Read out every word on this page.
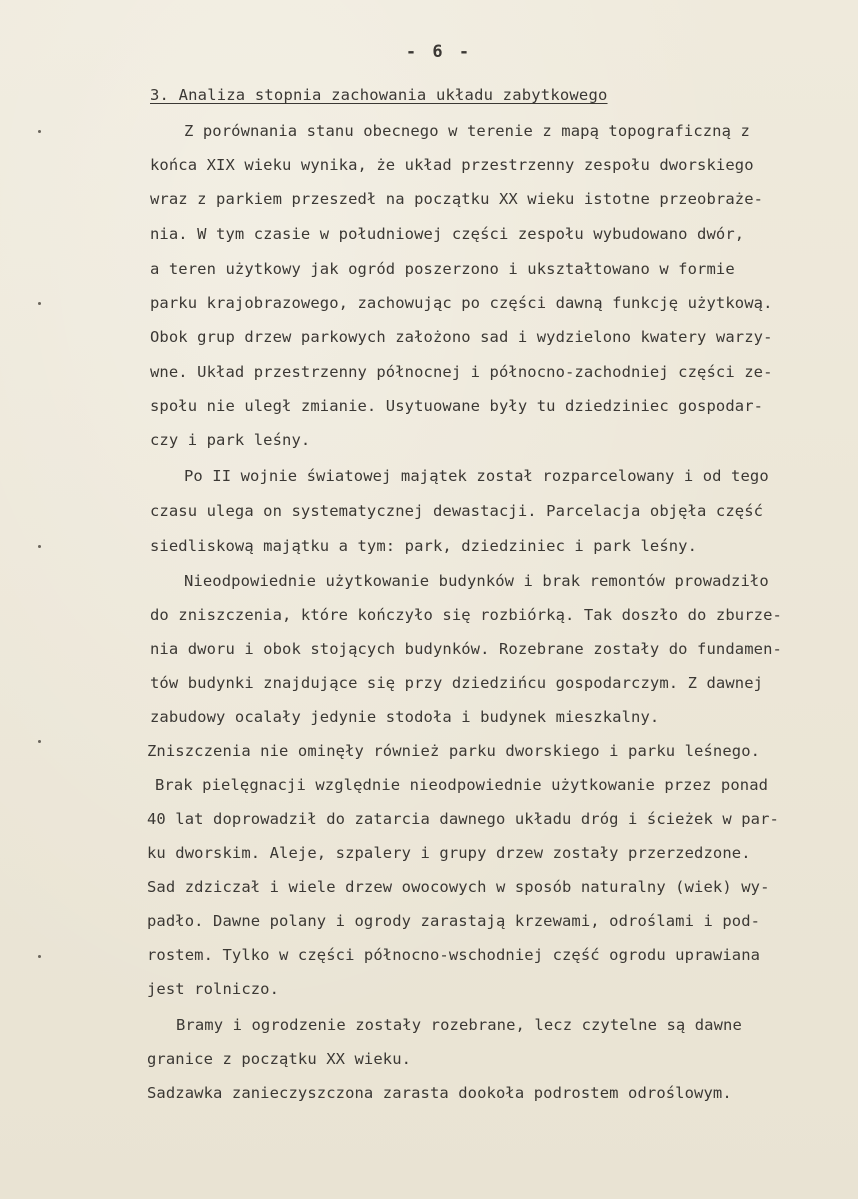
- 6 -
3. Analiza stopnia zachowania układu zabytkowego
Z porównania stanu obecnego w terenie z mapą topograficzną z
końca XIX wieku wynika, że układ przestrzenny zespołu dworskiego
wraz z parkiem przeszedł na początku XX wieku istotne przeobraże-
nia. W tym czasie w południowej części zespołu wybudowano dwór,
a teren użytkowy jak ogród poszerzono i ukształtowano w formie
parku krajobrazowego, zachowując po części dawną funkcję użytkową.
Obok grup drzew parkowych założono sad i wydzielono kwatery warzy-
wne. Układ przestrzenny północnej i północno-zachodniej części ze-
społu nie uległ zmianie. Usytuowane były tu dziedziniec gospodar-
czy i park leśny.
Po II wojnie światowej majątek został rozparcelowany i od tego
czasu ulega on systematycznej dewastacji. Parcelacja objęła część
siedliskową majątku a tym: park, dziedziniec i park leśny.
Nieodpowiednie użytkowanie budynków i brak remontów prowadziło
do zniszczenia, które kończyło się rozbiórką. Tak doszło do zburze-
nia dworu i obok stojących budynków. Rozebrane zostały do fundamen-
tów budynki znajdujące się przy dziedzińcu gospodarczym. Z dawnej
zabudowy ocalały jedynie stodoła i budynek mieszkalny.
Zniszczenia nie ominęły również parku dworskiego i parku leśnego.
Brak pielęgnacji względnie nieodpowiednie użytkowanie przez ponad
40 lat doprowadził do zatarcia dawnego układu dróg i ścieżek w par-
ku dworskim. Aleje, szpalery i grupy drzew zostały przerzedzone.
Sad zdziczał i wiele drzew owocowych w sposób naturalny (wiek) wy-
padło. Dawne polany i ogrody zarastają krzewami, odroślami i pod-
rostem. Tylko w części północno-wschodniej część ogrodu uprawiana
jest rolniczo.
Bramy i ogrodzenie zostały rozebrane, lecz czytelne są dawne
granice z początku XX wieku.
Sadzawka zanieczyszczona zarasta dookoła podrostem odroślowym.
